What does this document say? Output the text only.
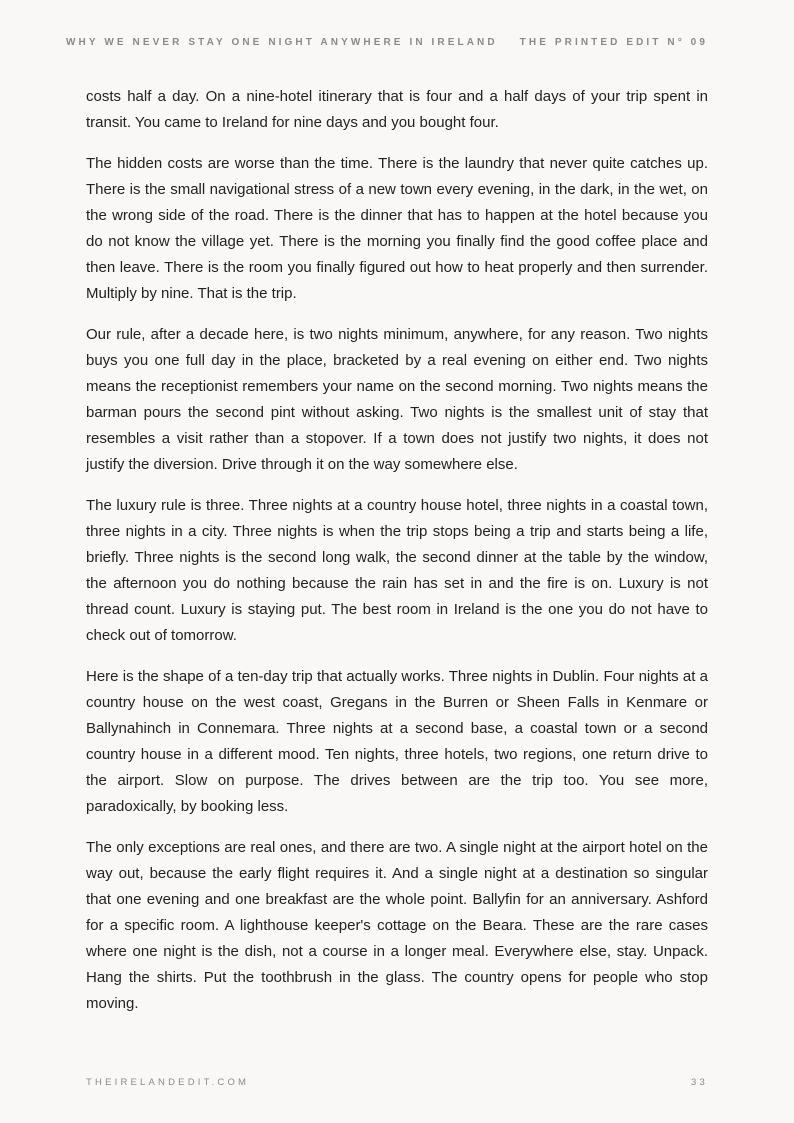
WHY WE NEVER STAY ONE NIGHT ANYWHERE IN IRELAND THE PRINTED EDIT N° 09

costs half a day. On a nine-hotel itinerary that is four and a half days of your trip spent in transit. You came to Ireland for nine days and you bought four.

The hidden costs are worse than the time. There is the laundry that never quite catches up. There is the small navigational stress of a new town every evening, in the dark, in the wet, on the wrong side of the road. There is the dinner that has to happen at the hotel because you do not know the village yet. There is the morning you finally find the good coffee place and then leave. There is the room you finally figured out how to heat properly and then surrender. Multiply by nine. That is the trip.

Our rule, after a decade here, is two nights minimum, anywhere, for any reason. Two nights buys you one full day in the place, bracketed by a real evening on either end. Two nights means the receptionist remembers your name on the second morning. Two nights means the barman pours the second pint without asking. Two nights is the smallest unit of stay that resembles a visit rather than a stopover. If a town does not justify two nights, it does not justify the diversion. Drive through it on the way somewhere else.

The luxury rule is three. Three nights at a country house hotel, three nights in a coastal town, three nights in a city. Three nights is when the trip stops being a trip and starts being a life, briefly. Three nights is the second long walk, the second dinner at the table by the window, the afternoon you do nothing because the rain has set in and the fire is on. Luxury is not thread count. Luxury is staying put. The best room in Ireland is the one you do not have to check out of tomorrow.

Here is the shape of a ten-day trip that actually works. Three nights in Dublin. Four nights at a country house on the west coast, Gregans in the Burren or Sheen Falls in Kenmare or Ballynahinch in Connemara. Three nights at a second base, a coastal town or a second country house in a different mood. Ten nights, three hotels, two regions, one return drive to the airport. Slow on purpose. The drives between are the trip too. You see more, paradoxically, by booking less.

The only exceptions are real ones, and there are two. A single night at the airport hotel on the way out, because the early flight requires it. And a single night at a destination so singular that one evening and one breakfast are the whole point. Ballyfin for an anniversary. Ashford for a specific room. A lighthouse keeper's cottage on the Beara. These are the rare cases where one night is the dish, not a course in a longer meal. Everywhere else, stay. Unpack. Hang the shirts. Put the toothbrush in the glass. The country opens for people who stop moving.

THEIRELANDEDIT.COM	33
